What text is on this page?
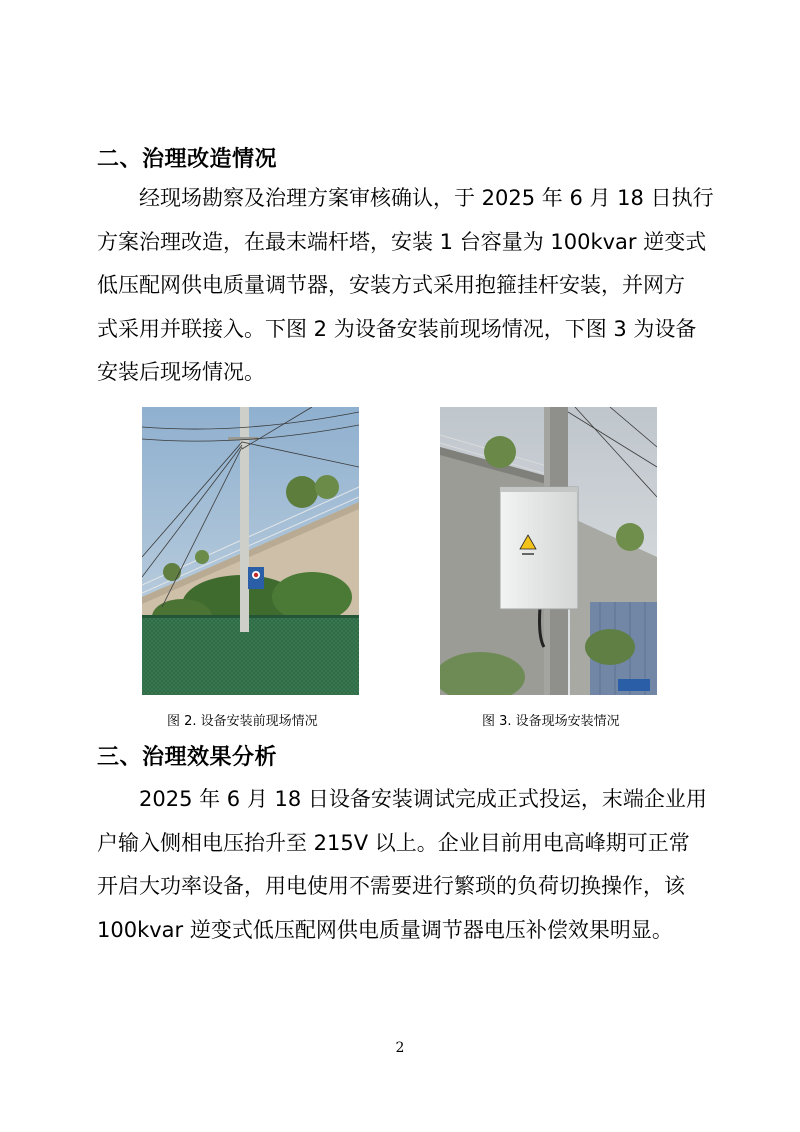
二、治理改造情况

经现场勘察及治理方案审核确认，于 2025 年 6 月 18 日执行

方案治理改造，在最末端杆塔，安装 1 台容量为 100kvar 逆变式

低压配网供电质量调节器，安装方式采用抱箍挂杆安装，并网方

式采用并联接入。下图 2 为设备安装前现场情况，下图 3 为设备

安装后现场情况。

图 2. 设备安装前现场情况	图 3. 设备现场安装情况
三、治理效果分析

2025 年 6 月 18 日设备安装调试完成正式投运，末端企业用

户输入侧相电压抬升至 215V 以上。企业目前用电高峰期可正常

开启大功率设备，用电使用不需要进行繁琐的负荷切换操作，该

100kvar 逆变式低压配网供电质量调节器电压补偿效果明显。

2
